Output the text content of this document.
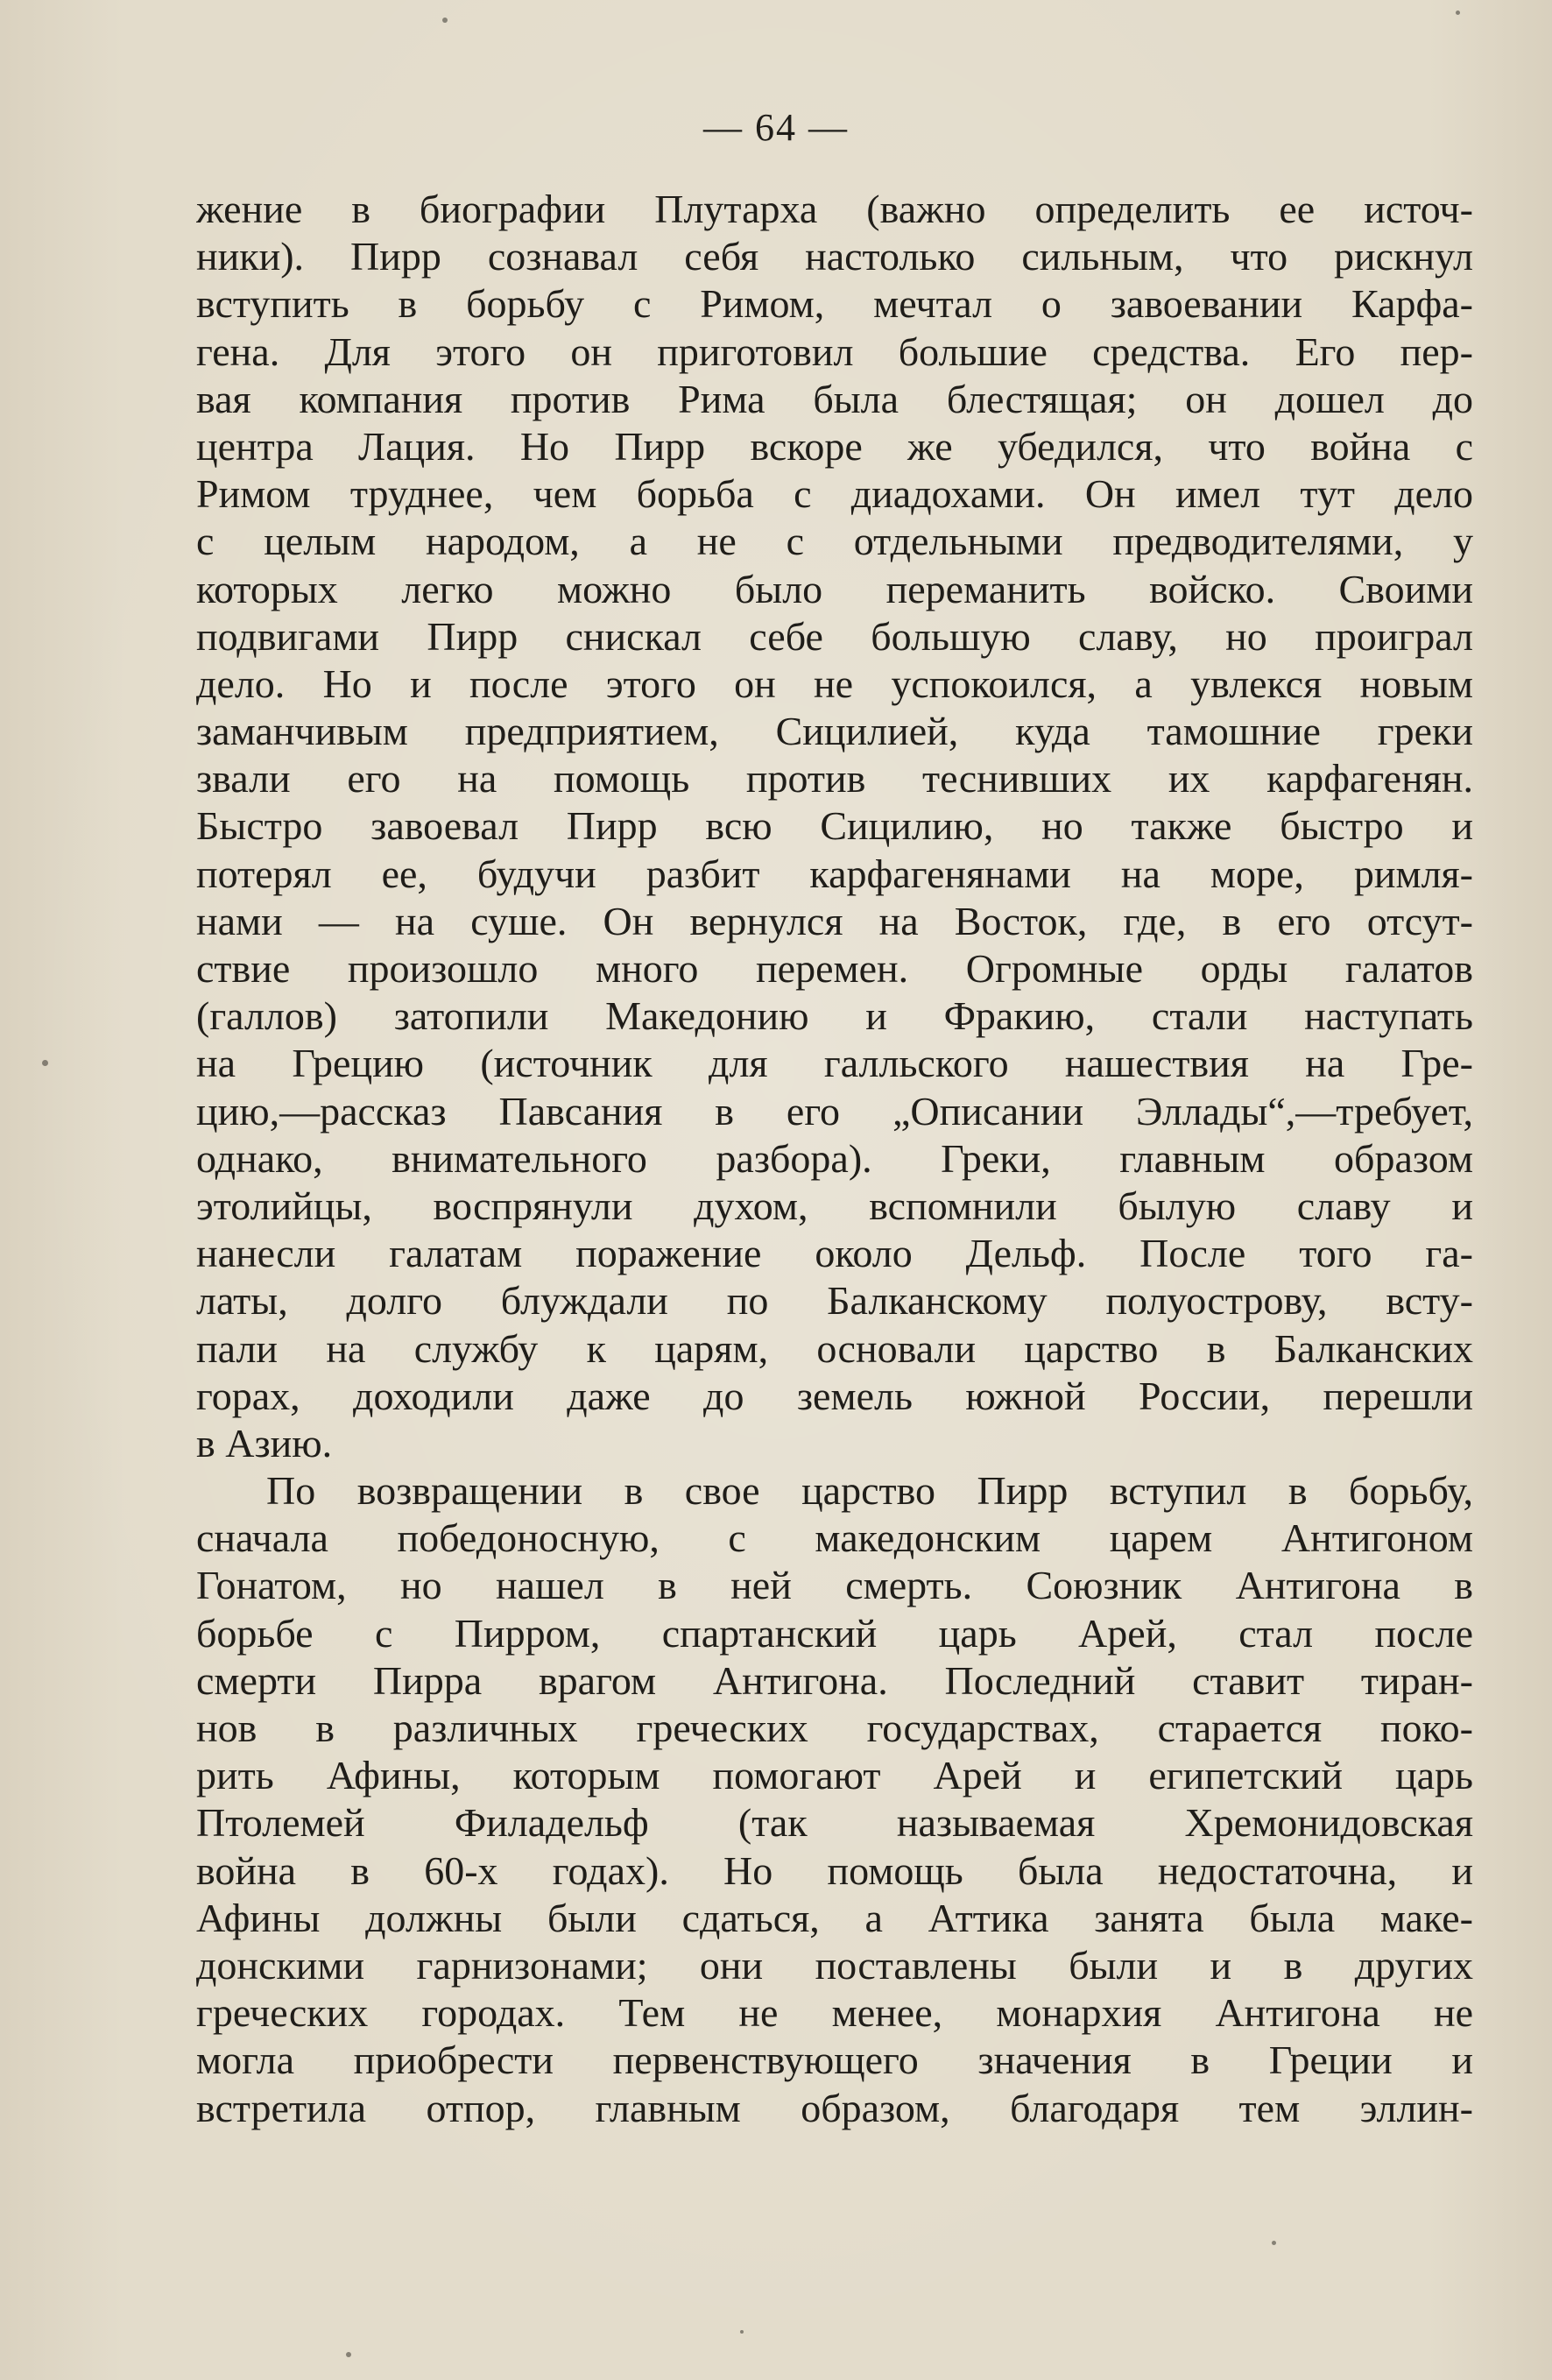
— 64 —
жение в биографии Плутарха (важно определить ее источ-
ники). Пирр сознавал себя настолько сильным, что рискнул
вступить в борьбу с Римом, мечтал о завоевании Карфа-
гена. Для этого он приготовил большие средства. Его пер-
вая компания против Рима была блестящая; он дошел до
центра Лация. Но Пирр вскоре же убедился, что война с
Римом труднее, чем борьба с диадохами. Он имел тут дело
с целым народом, а не с отдельными предводителями, у
которых легко можно было переманить войско. Своими
подвигами Пирр снискал себе большую славу, но проиграл
дело. Но и после этого он не успокоился, а увлекся новым
заманчивым предприятием, Сицилией, куда тамошние греки
звали его на помощь против теснивших их карфагенян.
Быстро завоевал Пирр всю Сицилию, но также быстро и
потерял ее, будучи разбит карфагенянами на море, римля-
нами — на суше. Он вернулся на Восток, где, в его отсут-
ствие произошло много перемен. Огромные орды галатов
(галлов) затопили Македонию и Фракию, стали наступать
на Грецию (источник для галльского нашествия на Гре-
цию,—рассказ Павсания в его „Описании Эллады“,—требует,
однако, внимательного разбора). Греки, главным образом
этолийцы, воспрянули духом, вспомнили былую славу и
нанесли галатам поражение около Дельф. После того га-
латы, долго блуждали по Балканскому полуострову, всту-
пали на службу к царям, основали царство в Балканских
горах, доходили даже до земель южной России, перешли
в Азию.
По возвращении в свое царство Пирр вступил в борьбу,
сначала победоносную, с македонским царем Антигоном
Гонатом, но нашел в ней смерть. Союзник Антигона в
борьбе с Пирром, спартанский царь Арей, стал после
смерти Пирра врагом Антигона. Последний ставит тиран-
нов в различных греческих государствах, старается поко-
рить Афины, которым помогают Арей и египетский царь
Птолемей Филадельф (так называемая Хремонидовская
война в 60-х годах). Но помощь была недостаточна, и
Афины должны были сдаться, а Аттика занята была маке-
донскими гарнизонами; они поставлены были и в других
греческих городах. Тем не менее, монархия Антигона не
могла приобрести первенствующего значения в Греции и
встретила отпор, главным образом, благодаря тем эллин-
